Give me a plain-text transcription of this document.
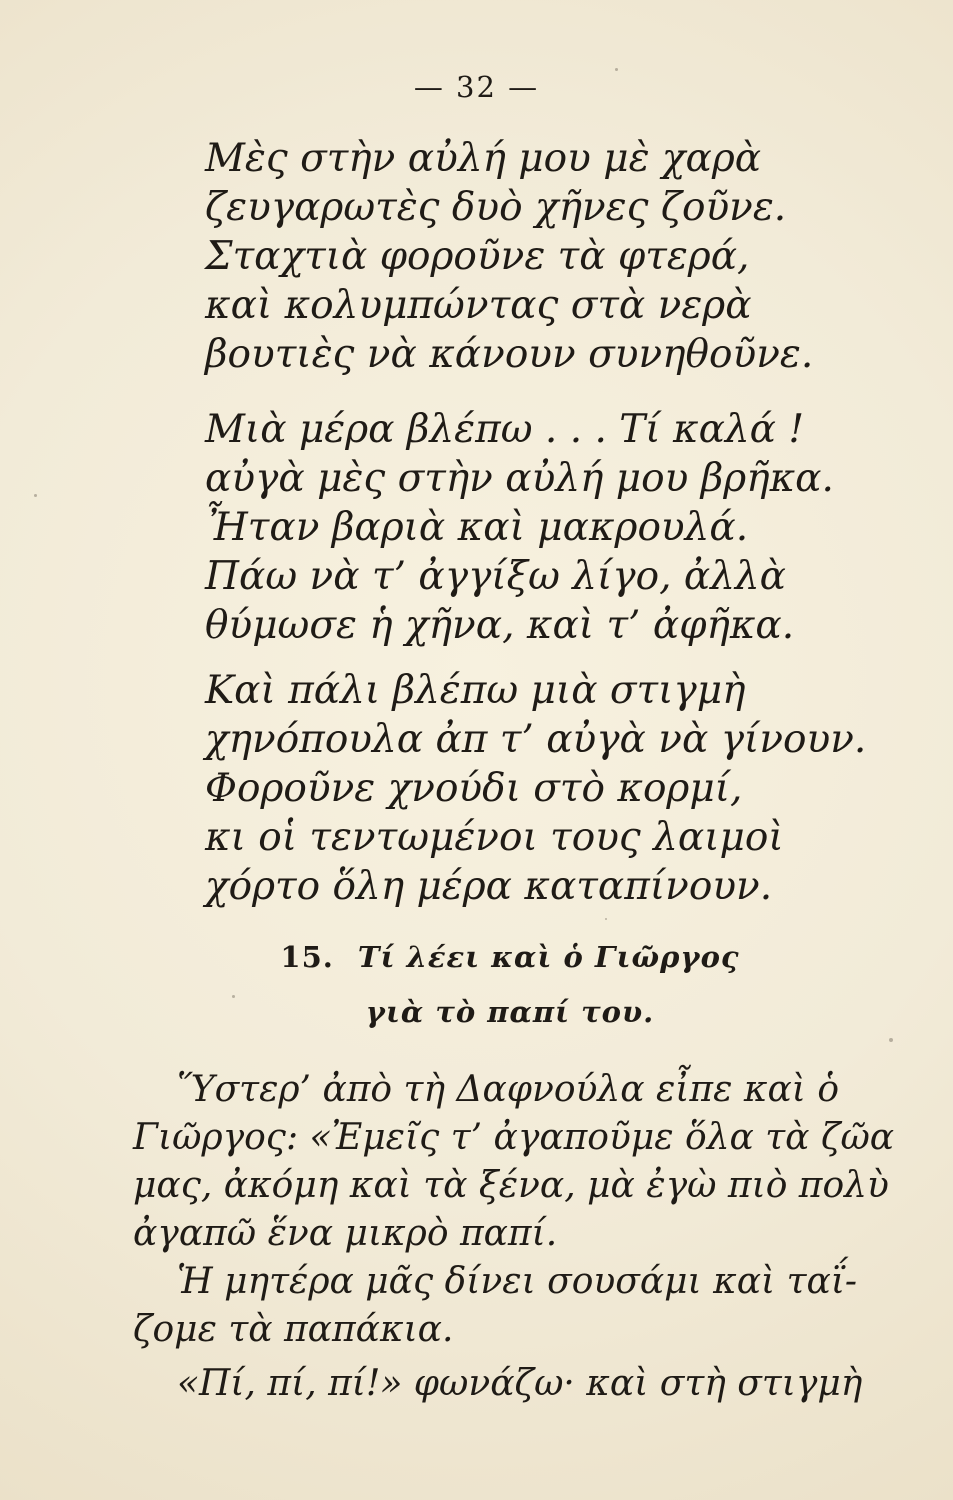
— 32 —
Μὲς στὴν αὐλή μου μὲ χαρὰ
ζευγαρωτὲς δυὸ χῆνες ζοῦνε.
Σταχτιὰ φοροῦνε τὰ φτερά,
καὶ κολυμπώντας στὰ νερὰ
βουτιὲς νὰ κάνουν συνηθοῦνε.
Μιὰ μέρα βλέπω . . . Τί καλά !
αὐγὰ μὲς στὴν αὐλή μου βρῆκα.
Ἦταν βαριὰ καὶ μακρουλά.
Πάω νὰ τ’ ἀγγίξω λίγο, ἀλλὰ
θύμωσε ἡ χῆνα, καὶ τ’ ἀφῆκα.
Καὶ πάλι βλέπω μιὰ στιγμὴ
χηνόπουλα ἀπ τ’ αὐγὰ νὰ γίνουν.
Φοροῦνε χνούδι στὸ κορμί,
κι οἱ τεντωμένοι τους λαιμοὶ
χόρτο ὅλη μέρα καταπίνουν.
15. Τί λέει καὶ ὁ Γιῶργος
γιὰ τὸ παπί του.
Ὕστερ’ ἀπὸ τὴ Δαφνούλα εἶπε καὶ ὁ
Γιῶργος: «Ἐμεῖς τ’ ἀγαποῦμε ὅλα τὰ ζῶα
μας, ἀκόμη καὶ τὰ ξένα, μὰ ἐγὼ πιὸ πολὺ
ἀγαπῶ ἕνα μικρὸ παπί.
Ἡ μητέρα μᾶς δίνει σουσάμι καὶ ταΐ-
ζομε τὰ παπάκια.
«Πί, πί, πί!» φωνάζω· καὶ στὴ στιγμὴ
